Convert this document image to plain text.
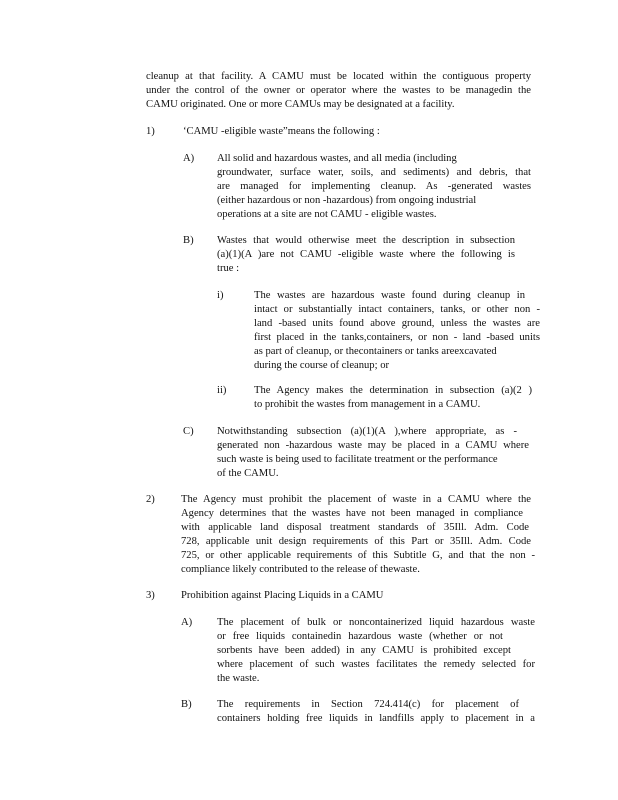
cleanup at that facility. A CAMU must be located within the contiguous property
under the control of the owner or operator where the wastes to be managedin the
CAMU originated. One or more CAMUs may be designated at a facility.
1)	‘CAMU -eligible waste”means the following :
A) All solid and hazardous wastes, and all media (including
groundwater, surface water, soils, and sediments) and debris, that
are managed for implementing cleanup. As -generated wastes
(either hazardous or non -hazardous) from ongoing industrial
operations at a site are not CAMU - eligible wastes.
B) Wastes that would otherwise meet the description in subsection
(a)(1)(A )are not CAMU -eligible waste where the following is
true :
i)	The wastes are hazardous waste found during cleanup in
intact or substantially intact containers, tanks, or other non -
land -based units found above ground, unless the wastes are
first placed in the tanks,containers, or non - land -based units
as part of cleanup, or thecontainers or tanks areexcavated
during the course of cleanup; or
ii)	The Agency makes the determination in subsection (a)(2 )
to prohibit the wastes from management in a CAMU.
C) Notwithstanding subsection (a)(1)(A ),where appropriate, as -
generated non -hazardous waste may be placed in a CAMU where
such waste is being used to facilitate treatment or the performance
of the CAMU.
2) The Agency must prohibit the placement of waste in a CAMU where the
Agency determines that the wastes have not been managed in compliance
with applicable land disposal treatment standards of 35Ill. Adm. Code
728, applicable unit design requirements of this Part or 35Ill. Adm. Code
725, or other applicable requirements of this Subtitle G, and that the non -
compliance likely contributed to the release of thewaste.
3) Prohibition against Placing Liquids in a CAMU
A) The placement of bulk or noncontainerized liquid hazardous waste
or free liquids containedin hazardous waste (whether or not
sorbents have been added) in any CAMU is prohibited except
where placement of such wastes facilitates the remedy selected for
the waste.
B) The requirements in Section 724.414(c) for placement of
containers holding free liquids in landfills apply to placement in a
